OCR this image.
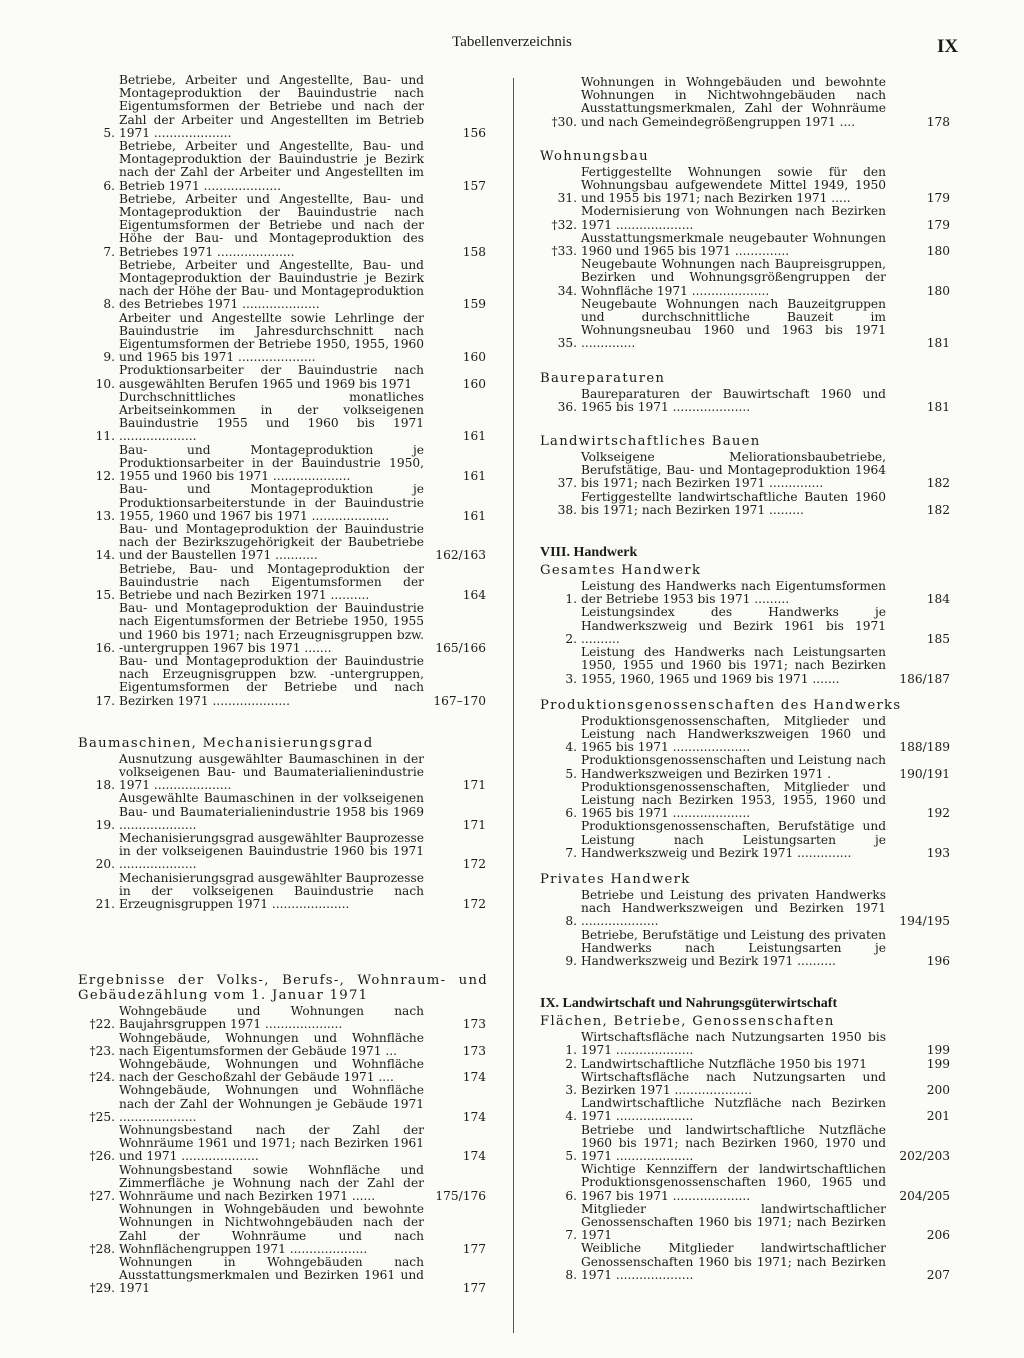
Tabellenverzeichnis	IX
5.
Betriebe, Arbeiter und Angestellte, Bau- und Montageproduktion der Bauindustrie nach Eigentumsformen der Betriebe und nach der Zahl der Arbeiter und Angestellten im Betrieb 1971 ....................	156
6.
Betriebe, Arbeiter und Angestellte, Bau- und Montageproduktion der Bauindustrie je Bezirk nach der Zahl der Arbeiter und Angestellten im Betrieb 1971 ....................	157
7.
Betriebe, Arbeiter und Angestellte, Bau- und Montageproduktion der Bauindustrie nach Eigentumsformen der Betriebe und nach der Höhe der Bau- und Montageproduktion des Betriebes 1971 ....................	158
8.
Betriebe, Arbeiter und Angestellte, Bau- und Montageproduktion der Bauindustrie je Bezirk nach der Höhe der Bau- und Montageproduktion des Betriebes 1971 ....................	159
9.
Arbeiter und Angestellte sowie Lehrlinge der Bauindustrie im Jahresdurchschnitt nach Eigentumsformen der Betriebe 1950, 1955, 1960 und 1965 bis 1971 ....................	160
10.
Produktionsarbeiter der Bauindustrie nach ausgewählten Berufen 1965 und 1969 bis 1971	160
11.
Durchschnittliches monatliches Arbeitseinkommen in der volkseigenen Bauindustrie 1955 und 1960 bis 1971 ....................	161
12.
Bau- und Montageproduktion je Produktionsarbeiter in der Bauindustrie 1950, 1955 und 1960 bis 1971 ....................	161
13.
Bau- und Montageproduktion je Produktionsarbeiterstunde in der Bauindustrie 1955, 1960 und 1967 bis 1971 ....................	161
14.
Bau- und Montageproduktion der Bauindustrie nach der Bezirkszugehörigkeit der Baubetriebe und der Baustellen 1971 ...........	162/163
15.
Betriebe, Bau- und Montageproduktion der Bauindustrie nach Eigentumsformen der Betriebe und nach Bezirken 1971 ..........	164
16.
Bau- und Montageproduktion der Bauindustrie nach Eigentumsformen der Betriebe 1950, 1955 und 1960 bis 1971; nach Erzeugnisgruppen bzw. -untergruppen 1967 bis 1971 .......	165/166
17.
Bau- und Montageproduktion der Bauindustrie nach Erzeugnisgruppen bzw. -untergruppen, Eigentumsformen der Betriebe und nach Bezirken 1971 ....................	167–170
Baumaschinen, Mechanisierungsgrad
18.
Ausnutzung ausgewählter Baumaschinen in der volkseigenen Bau- und Baumaterialienindustrie 1971 ....................	171
19.
Ausgewählte Baumaschinen in der volkseigenen Bau- und Baumaterialienindustrie 1958 bis 1969 ....................	171
20.
Mechanisierungsgrad ausgewählter Bauprozesse in der volkseigenen Bauindustrie 1960 bis 1971 ....................	172
21.
Mechanisierungsgrad ausgewählter Bauprozesse in der volkseigenen Bauindustrie nach Erzeugnisgruppen 1971 ....................	172
Ergebnisse der Volks-, Berufs-, Wohnraum- und Gebäudezählung vom 1. Januar 1971
†22.
Wohngebäude und Wohnungen nach Baujahrsgruppen 1971 ....................	173
†23.
Wohngebäude, Wohnungen und Wohnfläche nach Eigentumsformen der Gebäude 1971 ...	173
†24.
Wohngebäude, Wohnungen und Wohnfläche nach der Geschoßzahl der Gebäude 1971 ....	174
†25.
Wohngebäude, Wohnungen und Wohnfläche nach der Zahl der Wohnungen je Gebäude 1971 ....................	174
†26.
Wohnungsbestand nach der Zahl der Wohnräume 1961 und 1971; nach Bezirken 1961 und 1971 ....................	174
†27.
Wohnungsbestand sowie Wohnfläche und Zimmerfläche je Wohnung nach der Zahl der Wohnräume und nach Bezirken 1971 ......	175/176
†28.
Wohnungen in Wohngebäuden und bewohnte Wohnungen in Nichtwohngebäuden nach der Zahl der Wohnräume und nach Wohnflächengruppen 1971 ....................	177
†29.
Wohnungen in Wohngebäuden nach Ausstattungsmerkmalen und Bezirken 1961 und 1971	177
†30.
Wohnungen in Wohngebäuden und bewohnte Wohnungen in Nichtwohngebäuden nach Ausstattungsmerkmalen, Zahl der Wohnräume und nach Gemeindegrößengruppen 1971 ....	178
Wohnungsbau
31.
Fertiggestellte Wohnungen sowie für den Wohnungsbau aufgewendete Mittel 1949, 1950 und 1955 bis 1971; nach Bezirken 1971 .....	179
†32.
Modernisierung von Wohnungen nach Bezirken 1971 ....................	179
†33.
Ausstattungsmerkmale neugebauter Wohnungen 1960 und 1965 bis 1971 ..............	180
34.
Neugebaute Wohnungen nach Baupreisgruppen, Bezirken und Wohnungsgrößengruppen der Wohnfläche 1971 ....................	180
35.
Neugebaute Wohnungen nach Bauzeitgruppen und durchschnittliche Bauzeit im Wohnungsneubau 1960 und 1963 bis 1971 ..............	181
Baureparaturen
36.
Baureparaturen der Bauwirtschaft 1960 und 1965 bis 1971 ....................	181
Landwirtschaftliches Bauen
37.
Volkseigene Meliorationsbaubetriebe, Berufstätige, Bau- und Montageproduktion 1964 bis 1971; nach Bezirken 1971 ..............	182
38.
Fertiggestellte landwirtschaftliche Bauten 1960 bis 1971; nach Bezirken 1971 .........	182
VIII. Handwerk
Gesamtes Handwerk
1.
Leistung des Handwerks nach Eigentumsformen der Betriebe 1953 bis 1971 .........	184
2.
Leistungsindex des Handwerks je Handwerkszweig und Bezirk 1961 bis 1971 ..........	185
3.
Leistung des Handwerks nach Leistungsarten 1950, 1955 und 1960 bis 1971; nach Bezirken 1955, 1960, 1965 und 1969 bis 1971 .......	186/187
Produktionsgenossenschaften des Handwerks
4.
Produktionsgenossenschaften, Mitglieder und Leistung nach Handwerkszweigen 1960 und 1965 bis 1971 ....................	188/189
5.
Produktionsgenossenschaften und Leistung nach Handwerkszweigen und Bezirken 1971 .	190/191
6.
Produktionsgenossenschaften, Mitglieder und Leistung nach Bezirken 1953, 1955, 1960 und 1965 bis 1971 ....................	192
7.
Produktionsgenossenschaften, Berufstätige und Leistung nach Leistungsarten je Handwerkszweig und Bezirk 1971 ..............	193
Privates Handwerk
8.
Betriebe und Leistung des privaten Handwerks nach Handwerkszweigen und Bezirken 1971 ....................	194/195
9.
Betriebe, Berufstätige und Leistung des privaten Handwerks nach Leistungsarten je Handwerkszweig und Bezirk 1971 ..........	196
IX. Landwirtschaft und Nahrungsgüterwirtschaft
Flächen, Betriebe, Genossenschaften
1.
Wirtschaftsfläche nach Nutzungsarten 1950 bis 1971 ....................	199
2. Landwirtschaftliche Nutzfläche 1950 bis 1971	199
3.
Wirtschaftsfläche nach Nutzungsarten und Bezirken 1971 ....................	200
4.
Landwirtschaftliche Nutzfläche nach Bezirken 1971 ....................	201
5.
Betriebe und landwirtschaftliche Nutzfläche 1960 bis 1971; nach Bezirken 1960, 1970 und 1971 ....................	202/203
6.
Wichtige Kennziffern der landwirtschaftlichen Produktionsgenossenschaften 1960, 1965 und 1967 bis 1971 ....................	204/205
7.
Mitglieder landwirtschaftlicher Genossenschaften 1960 bis 1971; nach Bezirken 1971	206
8.
Weibliche Mitglieder landwirtschaftlicher Genossenschaften 1960 bis 1971; nach Bezirken 1971 ....................	207
